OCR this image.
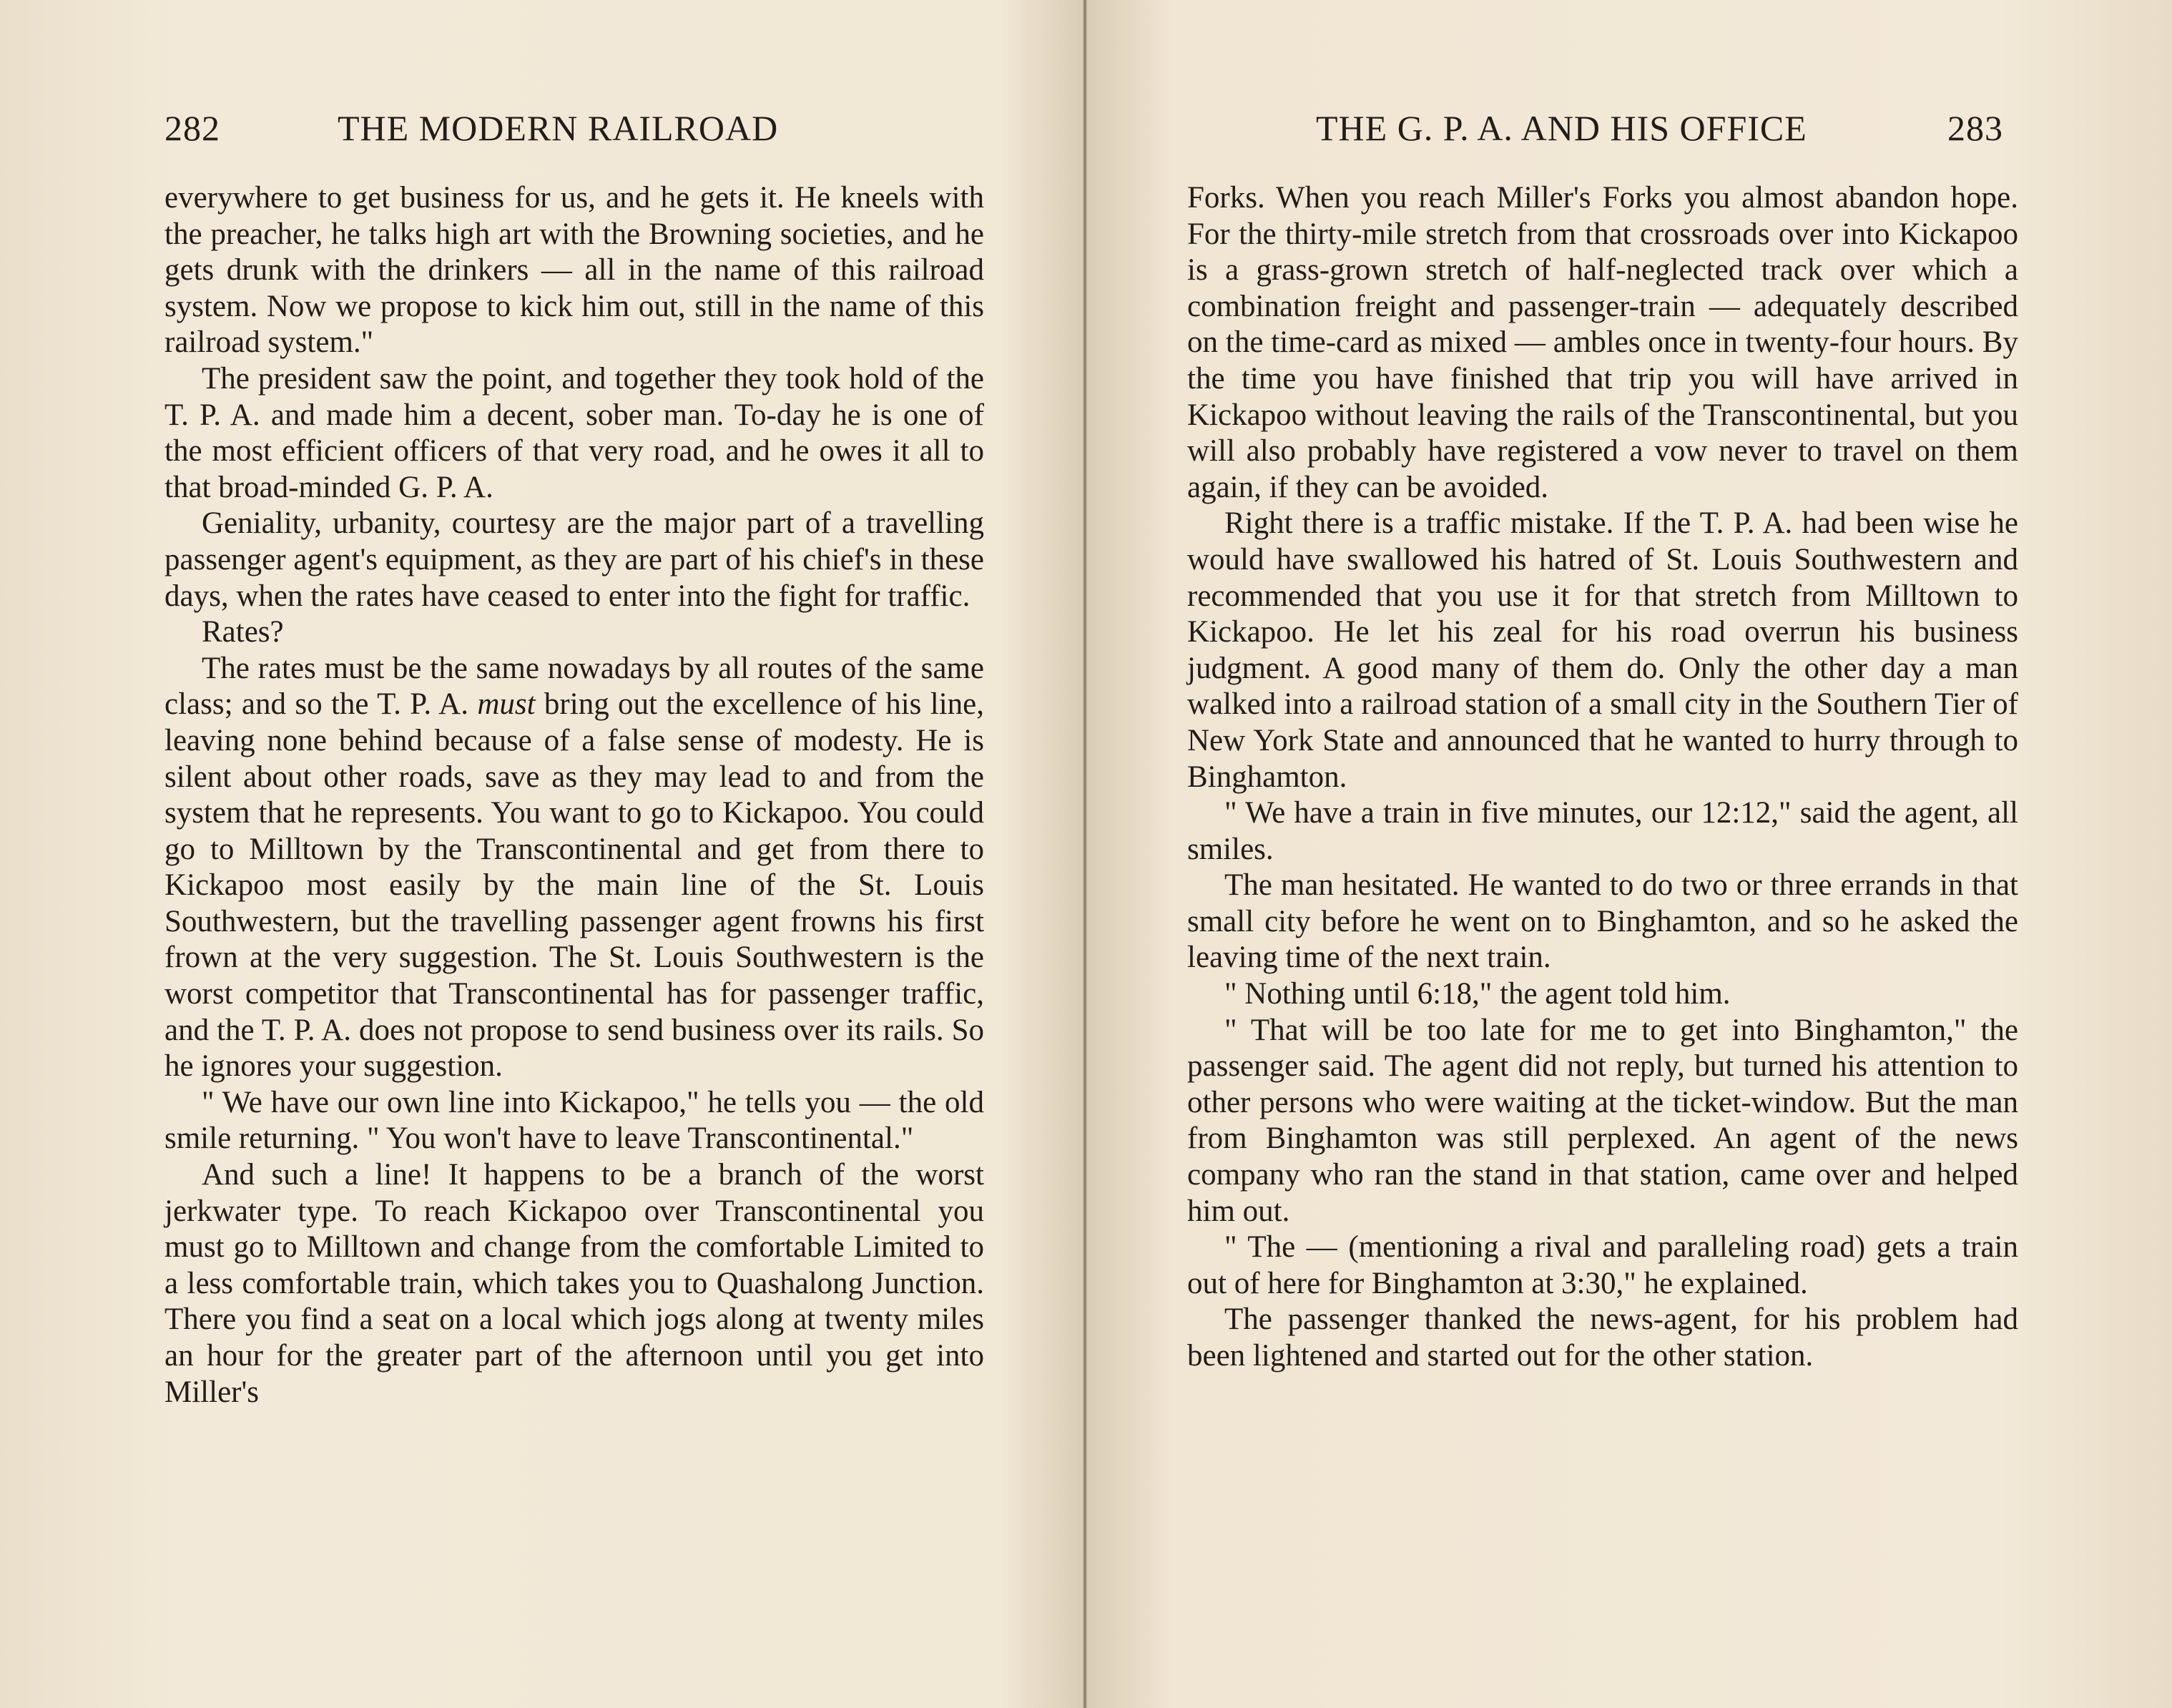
282	THE MODERN RAILROAD

everywhere to get business for us, and he gets it. He kneels with the preacher, he talks high art with the Browning societies, and he gets drunk with the drinkers — all in the name of this railroad system. Now we propose to kick him out, still in the name of this railroad system."

The president saw the point, and together they took hold of the T. P. A. and made him a decent, sober man. To-day he is one of the most efficient officers of that very road, and he owes it all to that broad-minded G. P. A.

Geniality, urbanity, courtesy are the major part of a travelling passenger agent's equipment, as they are part of his chief's in these days, when the rates have ceased to enter into the fight for traffic.

Rates?

The rates must be the same nowadays by all routes of the same class; and so the T. P. A. must bring out the excellence of his line, leaving none behind because of a false sense of modesty. He is silent about other roads, save as they may lead to and from the system that he represents. You want to go to Kickapoo. You could go to Milltown by the Transcontinental and get from there to Kickapoo most easily by the main line of the St. Louis Southwestern, but the travelling passenger agent frowns his first frown at the very suggestion. The St. Louis Southwestern is the worst competitor that Transcontinental has for passenger traffic, and the T. P. A. does not propose to send business over its rails. So he ignores your suggestion.

" We have our own line into Kickapoo," he tells you — the old smile returning. " You won't have to leave Transcontinental."

And such a line! It happens to be a branch of the worst jerkwater type. To reach Kickapoo over Transcontinental you must go to Milltown and change from the comfortable Limited to a less comfortable train, which takes you to Quashalong Junction. There you find a seat on a local which jogs along at twenty miles an hour for the greater part of the afternoon until you get into Miller's

THE G. P. A. AND HIS OFFICE	283

Forks. When you reach Miller's Forks you almost abandon hope. For the thirty-mile stretch from that crossroads over into Kickapoo is a grass-grown stretch of half-neglected track over which a combination freight and passenger-train — adequately described on the time-card as mixed — ambles once in twenty-four hours. By the time you have finished that trip you will have arrived in Kickapoo without leaving the rails of the Transcontinental, but you will also probably have registered a vow never to travel on them again, if they can be avoided.

Right there is a traffic mistake. If the T. P. A. had been wise he would have swallowed his hatred of St. Louis Southwestern and recommended that you use it for that stretch from Milltown to Kickapoo. He let his zeal for his road overrun his business judgment. A good many of them do. Only the other day a man walked into a railroad station of a small city in the Southern Tier of New York State and announced that he wanted to hurry through to Binghamton.

" We have a train in five minutes, our 12:12," said the agent, all smiles.

The man hesitated. He wanted to do two or three errands in that small city before he went on to Binghamton, and so he asked the leaving time of the next train.

" Nothing until 6:18," the agent told him.

" That will be too late for me to get into Binghamton," the passenger said. The agent did not reply, but turned his attention to other persons who were waiting at the ticket-window. But the man from Binghamton was still perplexed. An agent of the news company who ran the stand in that station, came over and helped him out.

" The — (mentioning a rival and paralleling road) gets a train out of here for Binghamton at 3:30," he explained.

The passenger thanked the news-agent, for his problem had been lightened and started out for the other station.
